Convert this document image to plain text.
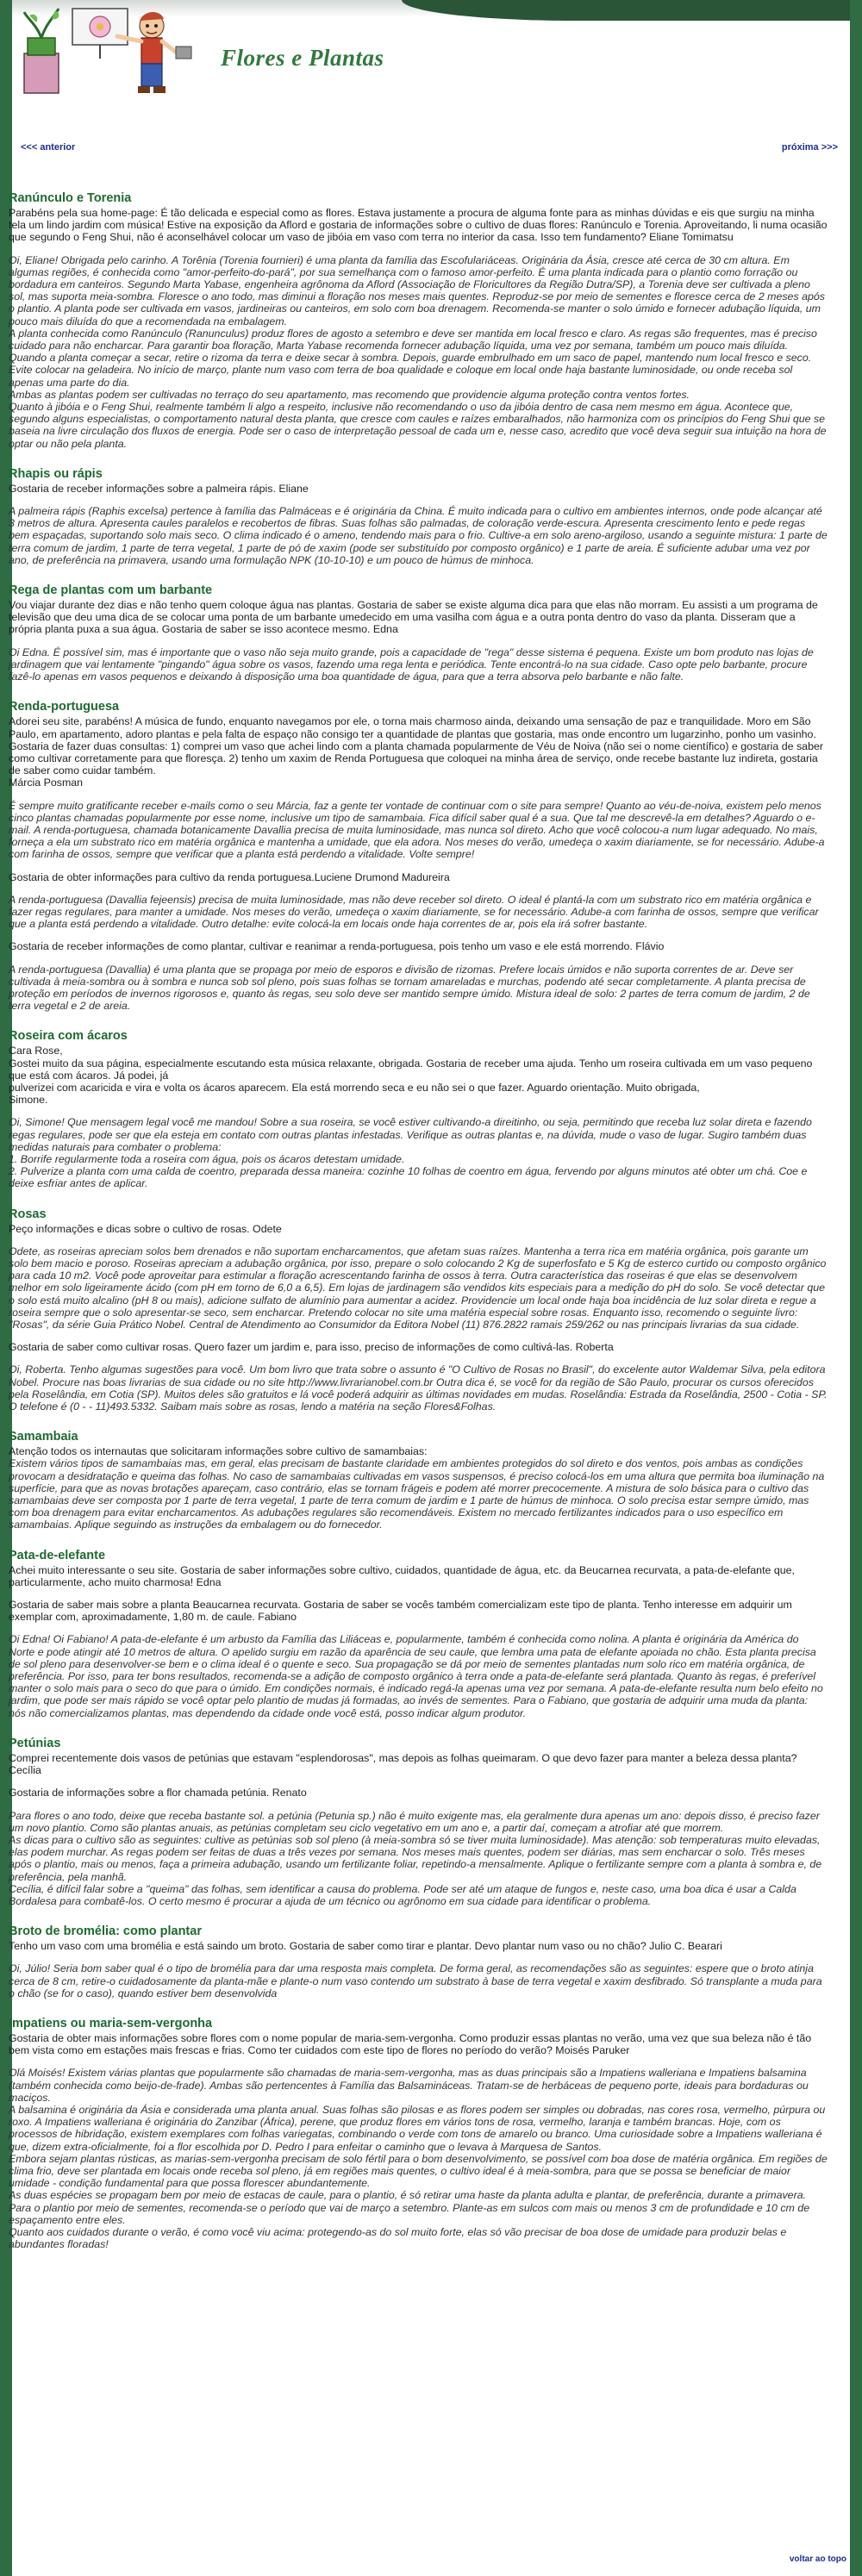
Flores e Plantas
<<< anterior	próxima >>>
Ranúnculo e Torenia

Parabéns pela sua home-page: É tão delicada e especial como as flores. Estava justamente a procura de alguma fonte para as minhas dúvidas e eis que surgiu na minha tela um lindo jardim com música! Estive na exposição da Aflord e gostaria de informações sobre o cultivo de duas flores: Ranúnculo e Torenia. Aproveitando, li numa ocasião que segundo o Feng Shui, não é aconselhável colocar um vaso de jibóia em vaso com terra no interior da casa. Isso tem fundamento? Eliane Tomimatsu

Oi, Eliane! Obrigada pelo carinho. A Torênia (Torenia fournieri) é uma planta da família das Escofulariáceas. Originária da Ásia, cresce até cerca de 30 cm altura. Em algumas regiões, é conhecida como "amor-perfeito-do-pará", por sua semelhança com o famoso amor-perfeito. É uma planta indicada para o plantio como forração ou bordadura em canteiros. Segundo Marta Yabase, engenheira agrônoma da Aflord (Associação de Floricultores da Região Dutra/SP), a Torenia deve ser cultivada a pleno sol, mas suporta meia-sombra. Floresce o ano todo, mas diminui a floração nos meses mais quentes. Reproduz-se por meio de sementes e floresce cerca de 2 meses após o plantio. A planta pode ser cultivada em vasos, jardineiras ou canteiros, em solo com boa drenagem. Recomenda-se manter o solo úmido e fornecer adubação líquida, um pouco mais diluída do que a recomendada na embalagem.
A planta conhecida como Ranúnculo (Ranunculus) produz flores de agosto a setembro e deve ser mantida em local fresco e claro. As regas são frequentes, mas é preciso cuidado para não encharcar. Para garantir boa floração, Marta Yabase recomenda fornecer adubação líquida, uma vez por semana, também um pouco mais diluída. Quando a planta começar a secar, retire o rizoma da terra e deixe secar à sombra. Depois, guarde embrulhado em um saco de papel, mantendo num local fresco e seco. Evite colocar na geladeira. No início de março, plante num vaso com terra de boa qualidade e coloque em local onde haja bastante luminosidade, ou onde receba sol apenas uma parte do dia.
Ambas as plantas podem ser cultivadas no terraço do seu apartamento, mas recomendo que providencie alguma proteção contra ventos fortes.
Quanto à jibóia e o Feng Shui, realmente também li algo a respeito, inclusive não recomendando o uso da jibóia dentro de casa nem mesmo em água. Acontece que, segundo alguns especialistas, o comportamento natural desta planta, que cresce com caules e raízes embaralhados, não harmoniza com os princípios do Feng Shui que se baseia na livre circulação dos fluxos de energia. Pode ser o caso de interpretação pessoal de cada um e, nesse caso, acredito que você deva seguir sua intuição na hora de optar ou não pela planta.

Rhapis ou rápis

Gostaria de receber informações sobre a palmeira rápis. Eliane

A palmeira rápis (Raphis excelsa) pertence à família das Palmáceas e é originária da China. É muito indicada para o cultivo em ambientes internos, onde pode alcançar até 3 metros de altura. Apresenta caules paralelos e recobertos de fibras. Suas folhas são palmadas, de coloração verde-escura. Apresenta crescimento lento e pede regas bem espaçadas, suportando solo mais seco. O clima indicado é o ameno, tendendo mais para o frio. Cultive-a em solo areno-argiloso, usando a seguinte mistura: 1 parte de terra comum de jardim, 1 parte de terra vegetal, 1 parte de pó de xaxim (pode ser substituído por composto orgânico) e 1 parte de areia. É suficiente adubar uma vez por ano, de preferência na primavera, usando uma formulação NPK (10-10-10) e um pouco de húmus de minhoca.

Rega de plantas com um barbante

Vou viajar durante dez dias e não tenho quem coloque água nas plantas. Gostaria de saber se existe alguma dica para que elas não morram. Eu assisti a um programa de televisão que deu uma dica de se colocar uma ponta de um barbante umedecido em uma vasilha com água e a outra ponta dentro do vaso da planta. Disseram que a própria planta puxa a sua água. Gostaria de saber se isso acontece mesmo. Edna

Oi Edna. É possível sim, mas é importante que o vaso não seja muito grande, pois a capacidade de "rega" desse sistema é pequena. Existe um bom produto nas lojas de jardinagem que vai lentamente "pingando" água sobre os vasos, fazendo uma rega lenta e periódica. Tente encontrá-lo na sua cidade. Caso opte pelo barbante, procure fazê-lo apenas em vasos pequenos e deixando à disposição uma boa quantidade de água, para que a terra absorva pelo barbante e não falte.

Renda-portuguesa

Adorei seu site, parabéns! A música de fundo, enquanto navegamos por ele, o torna mais charmoso ainda, deixando uma sensação de paz e tranquilidade. Moro em São Paulo, em apartamento, adoro plantas e pela falta de espaço não consigo ter a quantidade de plantas que gostaria, mas onde encontro um lugarzinho, ponho um vasinho. Gostaria de fazer duas consultas: 1) comprei um vaso que achei lindo com a planta chamada popularmente de Véu de Noiva (não sei o nome científico) e gostaria de saber como cultivar corretamente para que floresça. 2) tenho um xaxim de Renda Portuguesa que coloquei na minha área de serviço, onde recebe bastante luz indireta, gostaria de saber como cuidar também.
Márcia Posman

É sempre muito gratificante receber e-mails como o seu Márcia, faz a gente ter vontade de continuar com o site para sempre! Quanto ao véu-de-noiva, existem pelo menos cinco plantas chamadas popularmente por esse nome, inclusive um tipo de samambaia. Fica difícil saber qual é a sua. Que tal me descrevê-la em detalhes? Aguardo o e-mail. A renda-portuguesa, chamada botanicamente Davallia precisa de muita luminosidade, mas nunca sol direto. Acho que você colocou-a num lugar adequado. No mais, forneça a ela um substrato rico em matéria orgânica e mantenha a umidade, que ela adora. Nos meses do verão, umedeça o xaxim diariamente, se for necessário. Adube-a com farinha de ossos, sempre que verificar que a planta está perdendo a vitalidade. Volte sempre!

Gostaria de obter informações para cultivo da renda portuguesa.Luciene Drumond Madureira

A renda-portuguesa (Davallia fejeensis) precisa de muita luminosidade, mas não deve receber sol direto. O ideal é plantá-la com um substrato rico em matéria orgânica e fazer regas regulares, para manter a umidade. Nos meses do verão, umedeça o xaxim diariamente, se for necessário. Adube-a com farinha de ossos, sempre que verificar que a planta está perdendo a vitalidade. Outro detalhe: evite colocá-la em locais onde haja correntes de ar, pois ela irá sofrer bastante.

Gostaria de receber informações de como plantar, cultivar e reanimar a renda-portuguesa, pois tenho um vaso e ele está morrendo. Flávio

A renda-portuguesa (Davallia) é uma planta que se propaga por meio de esporos e divisão de rizomas. Prefere locais úmidos e não suporta correntes de ar. Deve ser cultivada à meia-sombra ou à sombra e nunca sob sol pleno, pois suas folhas se tornam amareladas e murchas, podendo até secar completamente. A planta precisa de proteção em períodos de invernos rigorosos e, quanto às regas, seu solo deve ser mantido sempre úmido. Mistura ideal de solo: 2 partes de terra comum de jardim, 2 de terra vegetal e 2 de areia.

Roseira com ácaros

Cara Rose,
Gostei muito da sua página, especialmente escutando esta música relaxante, obrigada. Gostaria de receber uma ajuda. Tenho um roseira cultivada em um vaso pequeno que está com ácaros. Já podei, já
pulverizei com acaricida e vira e volta os ácaros aparecem. Ela está morrendo seca e eu não sei o que fazer. Aguardo orientação. Muito obrigada,
Simone.

Oi, Simone! Que mensagem legal você me mandou! Sobre a sua roseira, se você estiver cultivando-a direitinho, ou seja, permitindo que receba luz solar direta e fazendo regas regulares, pode ser que ela esteja em contato com outras plantas infestadas. Verifique as outras plantas e, na dúvida, mude o vaso de lugar. Sugiro também duas medidas naturais para combater o problema:
1. Borrife regularmente toda a roseira com água, pois os ácaros detestam umidade.
2. Pulverize a planta com uma calda de coentro, preparada dessa maneira: cozinhe 10 folhas de coentro em água, fervendo por alguns minutos até obter um chá. Coe e deixe esfriar antes de aplicar.

Rosas

Peço informações e dicas sobre o cultivo de rosas. Odete

Odete, as roseiras apreciam solos bem drenados e não suportam encharcamentos, que afetam suas raízes. Mantenha a terra rica em matéria orgânica, pois garante um solo bem macio e poroso. Roseiras apreciam a adubação orgânica, por isso, prepare o solo colocando 2 Kg de superfosfato e 5 Kg de esterco curtido ou composto orgânico para cada 10 m2. Você pode aproveitar para estimular a floração acrescentando farinha de ossos à terra. Outra característica das roseiras é que elas se desenvolvem melhor em solo ligeiramente ácido (com pH em torno de 6,0 a 6,5). Em lojas de jardinagem são vendidos kits especiais para a medição do pH do solo. Se você detectar que o solo está muito alcalino (pH 8 ou mais), adicione sulfato de alumínio para aumentar a acidez. Providencie um local onde haja boa incidência de luz solar direta e regue a roseira sempre que o solo apresentar-se seco, sem encharcar. Pretendo colocar no site uma matéria especial sobre rosas. Enquanto isso, recomendo o seguinte livro: "Rosas", da série Guia Prático Nobel. Central de Atendimento ao Consumidor da Editora Nobel (11) 876.2822 ramais 259/262 ou nas principais livrarias da sua cidade.

Gostaria de saber como cultivar rosas. Quero fazer um jardim e, para isso, preciso de informações de como cultivá-las. Roberta

Oi, Roberta. Tenho algumas sugestões para você. Um bom livro que trata sobre o assunto é "O Cultivo de Rosas no Brasil", do excelente autor Waldemar Silva, pela editora Nobel. Procure nas boas livrarias de sua cidade ou no site http://www.livrarianobel.com.br Outra dica é, se você for da região de São Paulo, procurar os cursos oferecidos pela Roselândia, em Cotia (SP). Muitos deles são gratuitos e lá você poderá adquirir as últimas novidades em mudas. Roselândia: Estrada da Roselândia, 2500 - Cotia - SP. O telefone é (0 - - 11)493.5332. Saibam mais sobre as rosas, lendo a matéria na seção Flores&Folhas.

Samambaia

Atenção todos os internautas que solicitaram informações sobre cultivo de samambaias:

Existem vários tipos de samambaias mas, em geral, elas precisam de bastante claridade em ambientes protegidos do sol direto e dos ventos, pois ambas as condições provocam a desidratação e queima das folhas. No caso de samambaias cultivadas em vasos suspensos, é preciso colocá-los em uma altura que permita boa iluminação na superfície, para que as novas brotações apareçam, caso contrário, elas se tornam frágeis e podem até morrer precocemente. A mistura de solo básica para o cultivo das samambaias deve ser composta por 1 parte de terra vegetal, 1 parte de terra comum de jardim e 1 parte de húmus de minhoca. O solo precisa estar sempre úmido, mas com boa drenagem para evitar encharcamentos. As adubações regulares são recomendáveis. Existem no mercado fertilizantes indicados para o uso específico em samambaias. Aplique seguindo as instruções da embalagem ou do fornecedor.

Pata-de-elefante

Achei muito interessante o seu site. Gostaria de saber informações sobre cultivo, cuidados, quantidade de água, etc. da Beucarnea recurvata, a pata-de-elefante que, particularmente, acho muito charmosa! Edna

Gostaria de saber mais sobre a planta Beaucarnea recurvata. Gostaria de saber se vocês também comercializam este tipo de planta. Tenho interesse em adquirir um exemplar com, aproximadamente, 1,80 m. de caule. Fabiano

Oi Edna! Oi Fabiano! A pata-de-elefante é um arbusto da Família das Liliáceas e, popularmente, também é conhecida como nolina. A planta é originária da América do Norte e pode atingir até 10 metros de altura. O apelido surgiu em razão da aparência de seu caule, que lembra uma pata de elefante apoiada no chão. Esta planta precisa de sol pleno para desenvolver-se bem e o clima ideal é o quente e seco. Sua propagação se dá por meio de sementes plantadas num solo rico em matéria orgânica, de preferência. Por isso, para ter bons resultados, recomenda-se a adição de composto orgânico à terra onde a pata-de-elefante será plantada. Quanto às regas, é preferível manter o solo mais para o seco do que para o úmido. Em condições normais, é indicado regá-la apenas uma vez por semana. A pata-de-elefante resulta num belo efeito no jardim, que pode ser mais rápido se você optar pelo plantio de mudas já formadas, ao invés de sementes. Para o Fabiano, que gostaria de adquirir uma muda da planta: nós não comercializamos plantas, mas dependendo da cidade onde você está, posso indicar algum produtor.

Petúnias

Comprei recentemente dois vasos de petúnias que estavam "esplendorosas", mas depois as folhas queimaram. O que devo fazer para manter a beleza dessa planta? Cecília

Gostaria de informações sobre a flor chamada petúnia. Renato

Para flores o ano todo, deixe que receba bastante sol. a petúnia (Petunia sp.) não é muito exigente mas, ela geralmente dura apenas um ano: depois disso, é preciso fazer um novo plantio. Como são plantas anuais, as petúnias completam seu ciclo vegetativo em um ano e, a partir daí, começam a atrofiar até que morrem.
As dicas para o cultivo são as seguintes: cultive as petúnias sob sol pleno (à meia-sombra só se tiver muita luminosidade). Mas atenção: sob temperaturas muito elevadas, elas podem murchar. As regas podem ser feitas de duas a três vezes por semana. Nos meses mais quentes, podem ser diárias, mas sem encharcar o solo. Três meses após o plantio, mais ou menos, faça a primeira adubação, usando um fertilizante foliar, repetindo-a mensalmente. Aplique o fertilizante sempre com a planta à sombra e, de preferência, pela manhã.
Cecília, é difícil falar sobre a "queima" das folhas, sem identificar a causa do problema. Pode ser até um ataque de fungos e, neste caso, uma boa dica é usar a Calda Bordalesa para combatê-los. O certo mesmo é procurar a ajuda de um técnico ou agrônomo em sua cidade para identificar o problema.

Broto de bromélia: como plantar

Tenho um vaso com uma bromélia e está saindo um broto. Gostaria de saber como tirar e plantar. Devo plantar num vaso ou no chão? Julio C. Bearari

Oi, Júlio! Seria bom saber qual é o tipo de bromélia para dar uma resposta mais completa. De forma geral, as recomendações são as seguintes: espere que o broto atinja cerca de 8 cm, retire-o cuidadosamente da planta-mãe e plante-o num vaso contendo um substrato à base de terra vegetal e xaxim desfibrado. Só transplante a muda para o chão (se for o caso), quando estiver bem desenvolvida

Impatiens ou maria-sem-vergonha

Gostaria de obter mais informações sobre flores com o nome popular de maria-sem-vergonha. Como produzir essas plantas no verão, uma vez que sua beleza não é tão bem vista como em estações mais frescas e frias. Como ter cuidados com este tipo de flores no período do verão? Moisés Paruker

Olá Moisés! Existem várias plantas que popularmente são chamadas de maria-sem-vergonha, mas as duas principais são a Impatiens walleriana e Impatiens balsamina (também conhecida como beijo-de-frade). Ambas são pertencentes à Família das Balsamináceas. Tratam-se de herbáceas de pequeno porte, ideais para bordaduras ou maciços.
A balsamina é originária da Ásia e considerada uma planta anual. Suas folhas são pilosas e as flores podem ser simples ou dobradas, nas cores rosa, vermelho, púrpura ou roxo. A Impatiens walleriana é originária do Zanzibar (África), perene, que produz flores em vários tons de rosa, vermelho, laranja e também brancas. Hoje, com os processos de hibridação, existem exemplares com folhas variegatas, combinando o verde com tons de amarelo ou branco. Uma curiosidade sobre a Impatiens walleriana é que, dizem extra-oficialmente, foi a flor escolhida por D. Pedro I para enfeitar o caminho que o levava à Marquesa de Santos.
Embora sejam plantas rústicas, as marias-sem-vergonha precisam de solo fértil para o bom desenvolvimento, se possível com boa dose de matéria orgânica. Em regiões de clima frio, deve ser plantada em locais onde receba sol pleno, já em regiões mais quentes, o cultivo ideal é à meia-sombra, para que se possa se beneficiar de maior umidade - condição fundamental para que possa florescer abundantemente.
As duas espécies se propagam bem por meio de estacas de caule, para o plantio, é só retirar uma haste da planta adulta e plantar, de preferência, durante a primavera. Para o plantio por meio de sementes, recomenda-se o período que vai de março a setembro. Plante-as em sulcos com mais ou menos 3 cm de profundidade e 10 cm de espaçamento entre eles.
Quanto aos cuidados durante o verão, é como você viu acima: protegendo-as do sol muito forte, elas só vão precisar de boa dose de umidade para produzir belas e abundantes floradas!

voltar ao topo
